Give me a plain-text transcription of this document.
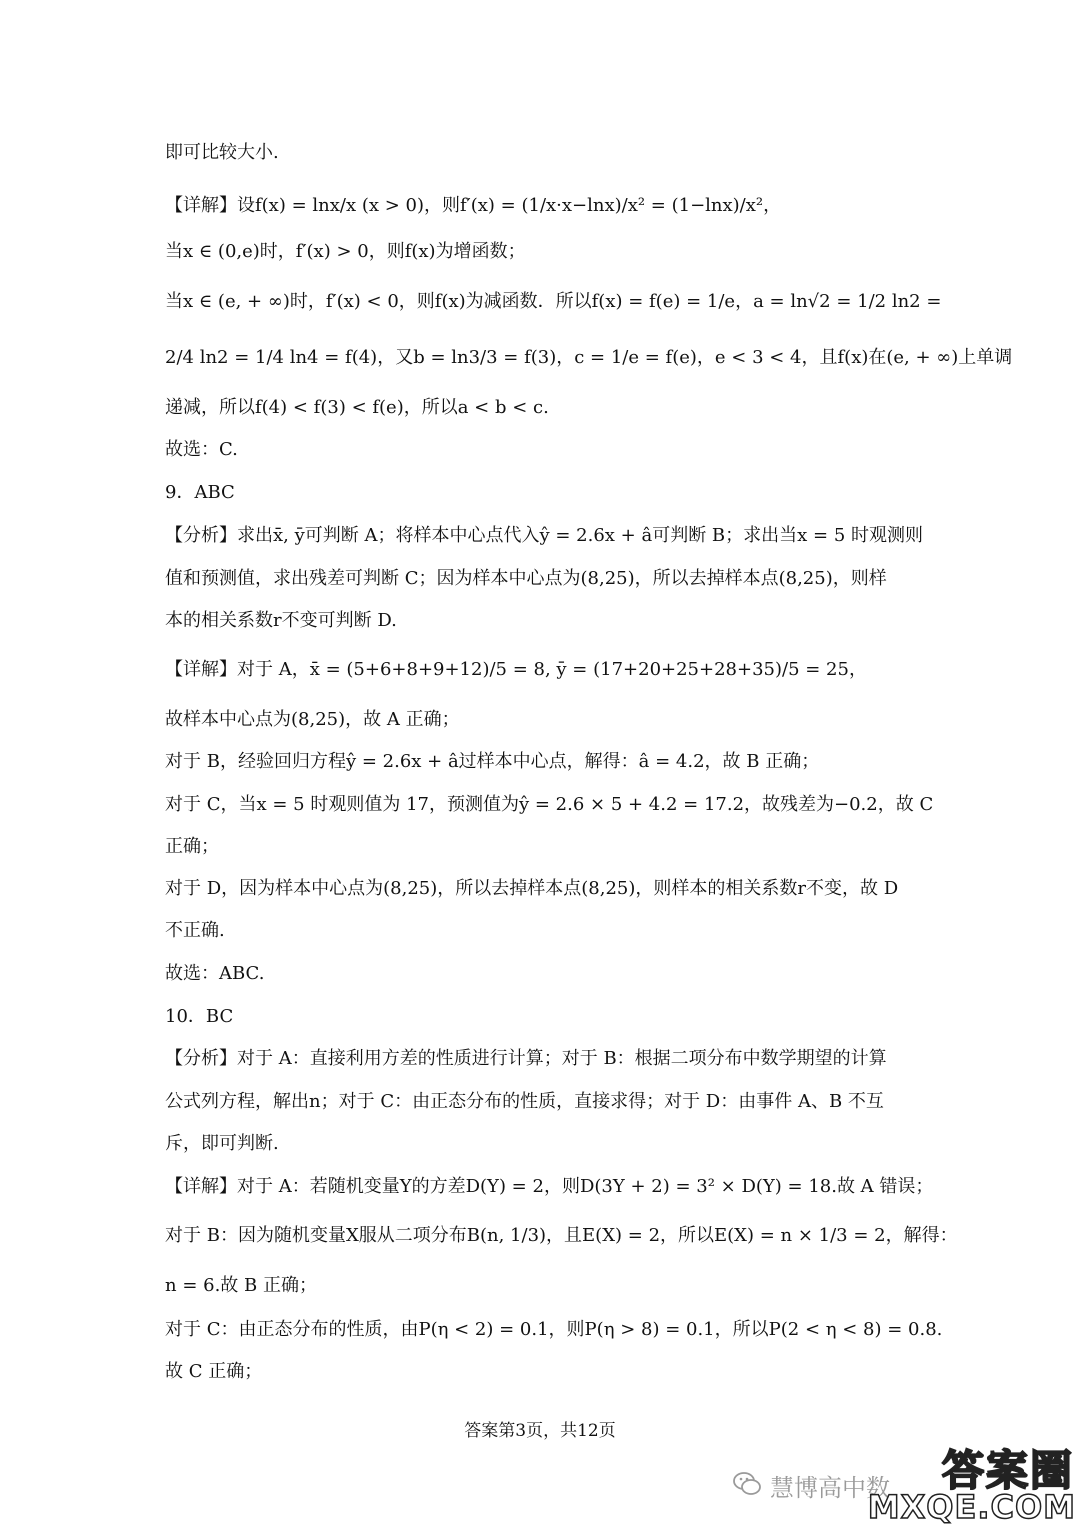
即可比较大小.
【详解】设f(x) = lnx/x (x > 0)，则f′(x) = (1/x·x−lnx)/x² = (1−lnx)/x²，
当x ∈ (0,e)时，f′(x) > 0，则f(x)为增函数；
当x ∈ (e, + ∞)时，f′(x) < 0，则f(x)为减函数．所以f(x) = f(e) = 1/e，a = ln√2 = 1/2 ln2 =
2/4 ln2 = 1/4 ln4 = f(4)，又b = ln3/3 = f(3)，c = 1/e = f(e)，e < 3 < 4，且f(x)在(e, + ∞)上单调
递减，所以f(4) < f(3) < f(e)，所以a < b < c.
故选：C.
9．ABC
【分析】求出x̄, ȳ可判断 A；将样本中心点代入ŷ = 2.6x + â可判断 B；求出当x = 5 时观测则
值和预测值，求出残差可判断 C；因为样本中心点为(8,25)，所以去掉样本点(8,25)，则样
本的相关系数r不变可判断 D.
【详解】对于 A，x̄ = (5+6+8+9+12)/5 = 8, ȳ = (17+20+25+28+35)/5 = 25，
故样本中心点为(8,25)，故 A 正确；
对于 B，经验回归方程ŷ = 2.6x + â过样本中心点，解得：â = 4.2，故 B 正确；
对于 C，当x = 5 时观则值为 17，预测值为ŷ = 2.6 × 5 + 4.2 = 17.2，故残差为−0.2，故 C
正确；
对于 D，因为样本中心点为(8,25)，所以去掉样本点(8,25)，则样本的相关系数r不变，故 D
不正确.
故选：ABC.
10．BC
【分析】对于 A：直接利用方差的性质进行计算；对于 B：根据二项分布中数学期望的计算
公式列方程，解出n；对于 C：由正态分布的性质，直接求得；对于 D：由事件 A、B 不互
斥，即可判断.
【详解】对于 A：若随机变量Y的方差D(Y) = 2，则D(3Y + 2) = 3² × D(Y) = 18.故 A 错误；
对于 B：因为随机变量X服从二项分布B(n, 1/3)，且E(X) = 2，所以E(X) = n × 1/3 = 2，解得：
n = 6.故 B 正确；
对于 C：由正态分布的性质，由P(η < 2) = 0.1，则P(η > 8) = 0.1，所以P(2 < η < 8) = 0.8.
故 C 正确；
答案第3页，共12页
慧博高中数 答案圈
MXQE.COM
